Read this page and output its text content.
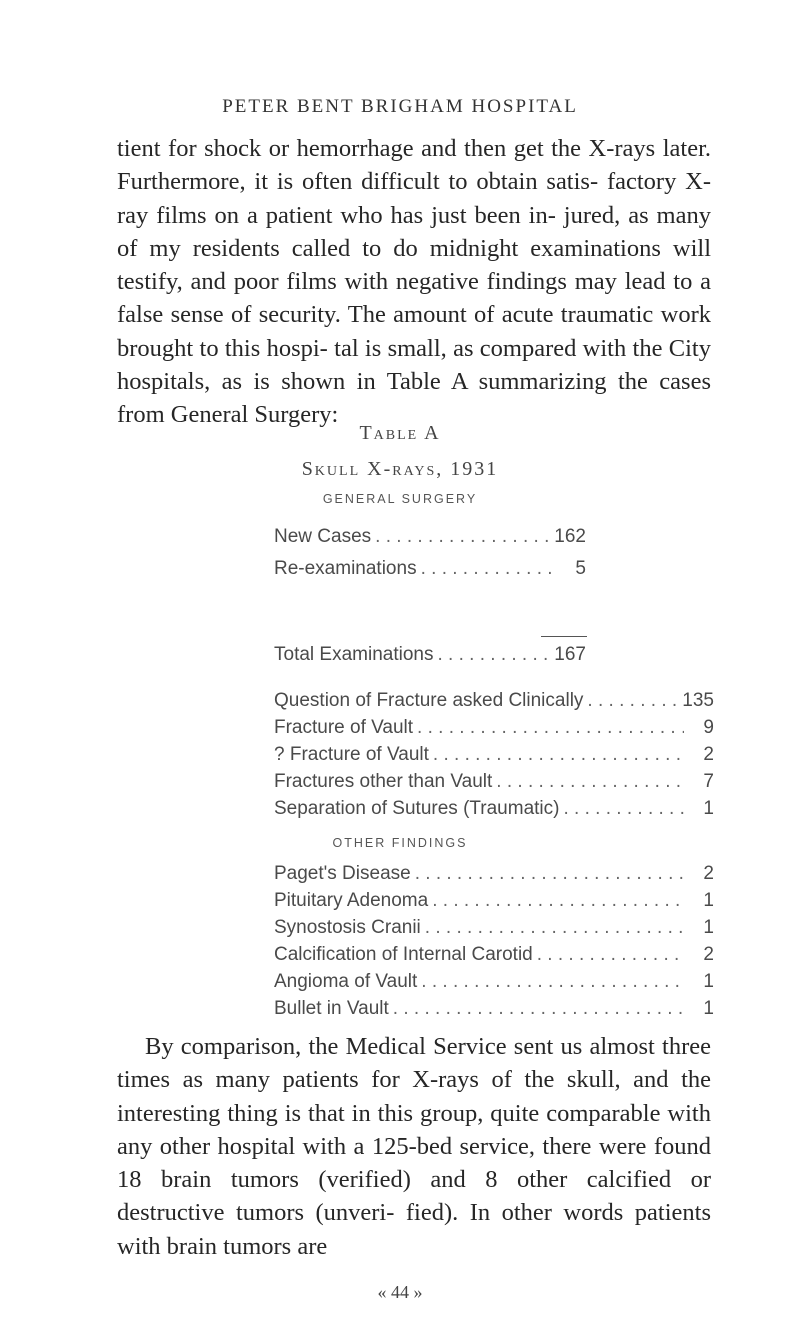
PETER BENT BRIGHAM HOSPITAL
tient for shock or hemorrhage and then get the X-rays later. Furthermore, it is often difficult to obtain satis- factory X-ray films on a patient who has just been in- jured, as many of my residents called to do midnight examinations will testify, and poor films with negative findings may lead to a false sense of security. The amount of acute traumatic work brought to this hospi- tal is small, as compared with the City hospitals, as is shown in Table A summarizing the cases from General Surgery:
Table A
Skull X-rays, 1931
GENERAL SURGERY
New Cases . . .	162
Re-examinations . . .	5
Total Examinations . . .	167
Question of Fracture asked Clinically . . .	135
Fracture of Vault . . .	9
? Fracture of Vault . . .	2
Fractures other than Vault . . .	7
Separation of Sutures (Traumatic) . . .	1
OTHER FINDINGS
Paget's Disease . . .	2
Pituitary Adenoma . . .	1
Synostosis Cranii . . .	1
Calcification of Internal Carotid . . .	2
Angioma of Vault . . .	1
Bullet in Vault . . .	1
By comparison, the Medical Service sent us almost three times as many patients for X-rays of the skull, and the interesting thing is that in this group, quite comparable with any other hospital with a 125-bed service, there were found 18 brain tumors (verified) and 8 other calcified or destructive tumors (unveri- fied). In other words patients with brain tumors are
« 44 »
